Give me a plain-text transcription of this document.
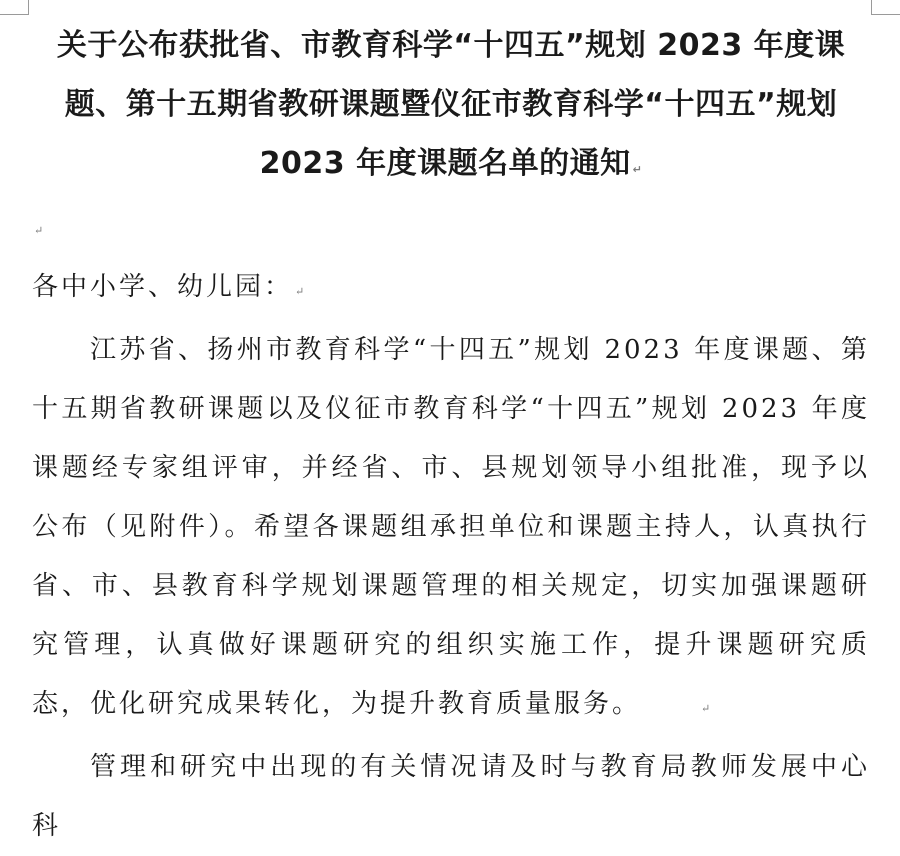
关于公布获批省、市教育科学“十四五”规划 2023 年度课题、第十五期省教研课题暨仪征市教育科学“十四五”规划 2023 年度课题名单的通知 ↵
↵

各中小学、幼儿园： ↵

江苏省、扬州市教育科学“十四五”规划 2023 年度课题、第十五期省教研课题以及仪征市教育科学“十四五”规划 2023 年度课题经专家组评审，并经省、市、县规划领导小组批准，现予以公布（见附件）。希望各课题组承担单位和课题主持人，认真执行省、市、县教育科学规划课题管理的相关规定，切实加强课题研究管理，认真做好课题研究的组织实施工作，提升课题研究质态，优化研究成果转化，为提升教育质量服务。	↵

管理和研究中出现的有关情况请及时与教育局教师发展中心科
